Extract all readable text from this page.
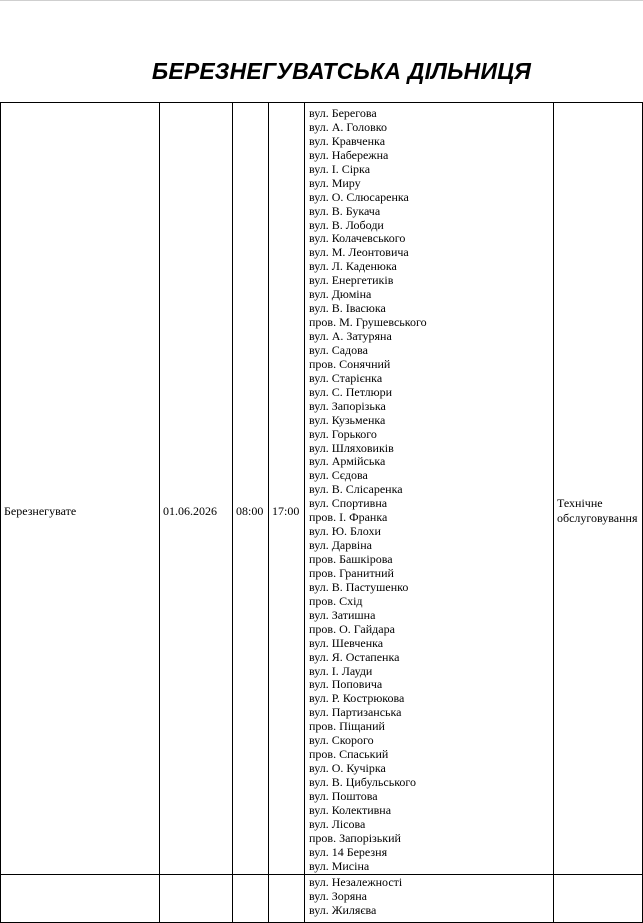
БЕРЕЗНЕГУВАТСЬКА ДІЛЬНИЦЯ
Березнегувате	01.06.2026 08:00 17:00
вул. Берегова
вул. А. Головко
вул. Кравченка
вул. Набережна
вул. І. Сірка
вул. Миру
вул. О. Слюсаренка
вул. В. Букача
вул. В. Лободи
вул. Колачевського
вул. М. Леонтовича
вул. Л. Каденюка
вул. Енергетиків
вул. Дюміна
вул. В. Івасюка
пров. М. Грушевського
вул. А. Затуряна
вул. Садова
пров. Сонячний
вул. Старієнка
вул. С. Петлюри
вул. Запорізька
вул. Кузьменка
вул. Горького
вул. Шляховиків
вул. Армійська
вул. Сєдова
вул. В. Слісаренка
вул. Спортивна
пров. І. Франка
вул. Ю. Блохи
вул. Дарвіна
пров. Башкірова
пров. Гранитний
вул. В. Пастушенко
пров. Схід
вул. Затишна
пров. О. Гайдара
вул. Шевченка
вул. Я. Остапенка
вул. І. Лауди
вул. Поповича
вул. Р. Кострюкова
вул. Партизанська
пров. Піщаний
вул. Скорого
пров. Спаський
вул. О. Кучірка
вул. В. Цибульського
вул. Поштова
вул. Колективна
вул. Лісова
пров. Запорізький
вул. 14 Березня
вул. Мисіна
вул. Незалежності
вул. Зоряна
вул. Жиляєва
Технічне обслуговування
